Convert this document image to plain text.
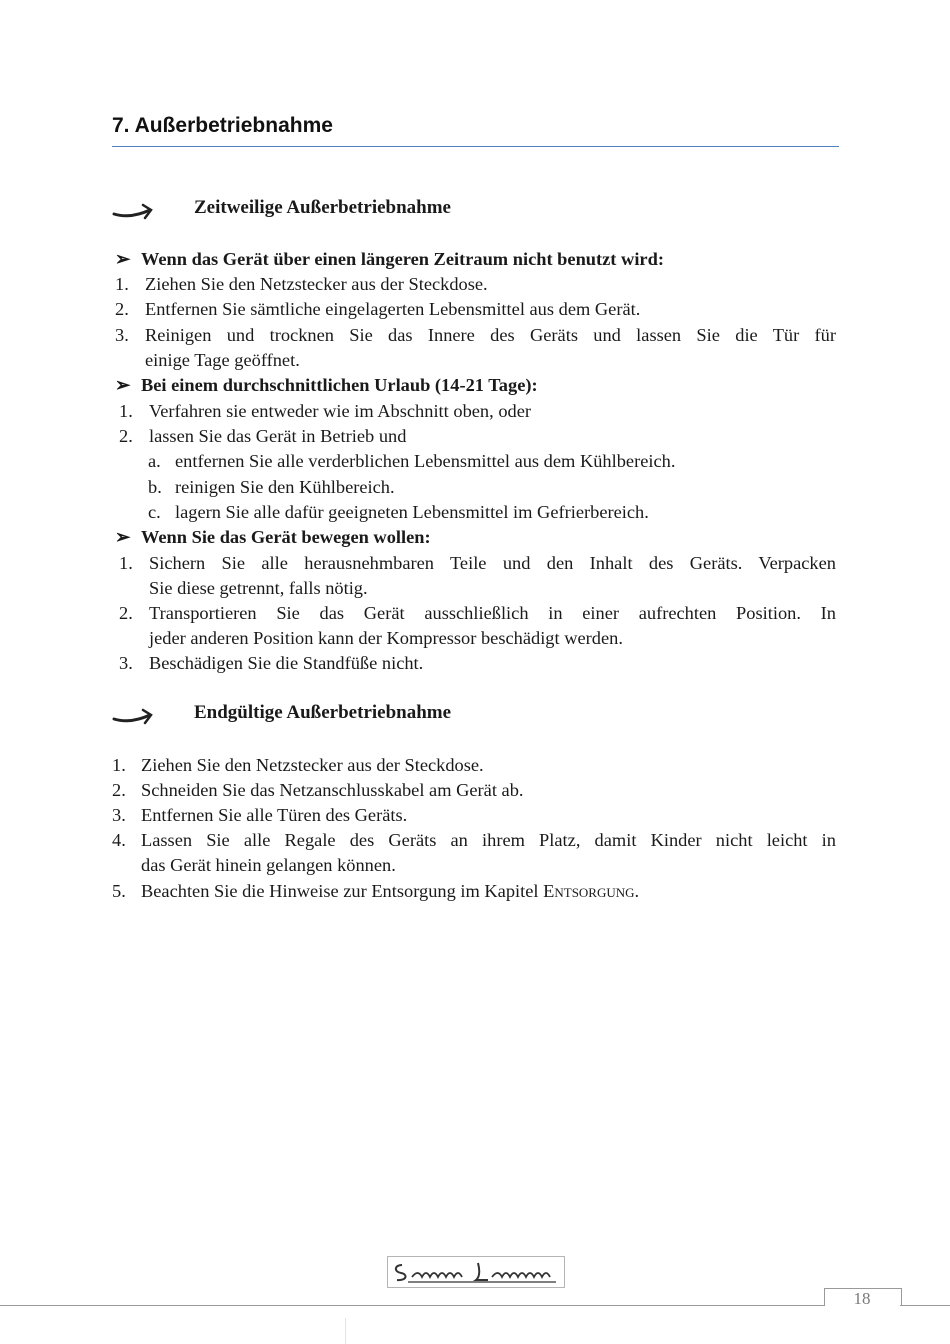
7. Außerbetriebnahme
Zeitweilige Außerbetriebnahme
➢ Wenn das Gerät über einen längeren Zeitraum nicht benutzt wird:
1. Ziehen Sie den Netzstecker aus der Steckdose.
2. Entfernen Sie sämtliche eingelagerten Lebensmittel aus dem Gerät.
3. Reinigen und trocknen Sie das Innere des Geräts und lassen Sie die Tür für
einige Tage geöffnet.
➢ Bei einem durchschnittlichen Urlaub (14-21 Tage):
1. Verfahren sie entweder wie im Abschnitt oben, oder
2. lassen Sie das Gerät in Betrieb und
a. entfernen Sie alle verderblichen Lebensmittel aus dem Kühlbereich.
b. reinigen Sie den Kühlbereich.
c. lagern Sie alle dafür geeigneten Lebensmittel im Gefrierbereich.
➢ Wenn Sie das Gerät bewegen wollen:
1. Sichern Sie alle herausnehmbaren Teile und den Inhalt des Geräts. Verpacken
Sie diese getrennt, falls nötig.
2. Transportieren Sie das Gerät ausschließlich in einer aufrechten Position. In
jeder anderen Position kann der Kompressor beschädigt werden.
3. Beschädigen Sie die Standfüße nicht.
Endgültige Außerbetriebnahme
1. Ziehen Sie den Netzstecker aus der Steckdose.
2. Schneiden Sie das Netzanschlusskabel am Gerät ab.
3. Entfernen Sie alle Türen des Geräts.
4. Lassen Sie alle Regale des Geräts an ihrem Platz, damit Kinder nicht leicht in
das Gerät hinein gelangen können.
5. Beachten Sie die Hinweise zur Entsorgung im Kapitel Entsorgung.
18
